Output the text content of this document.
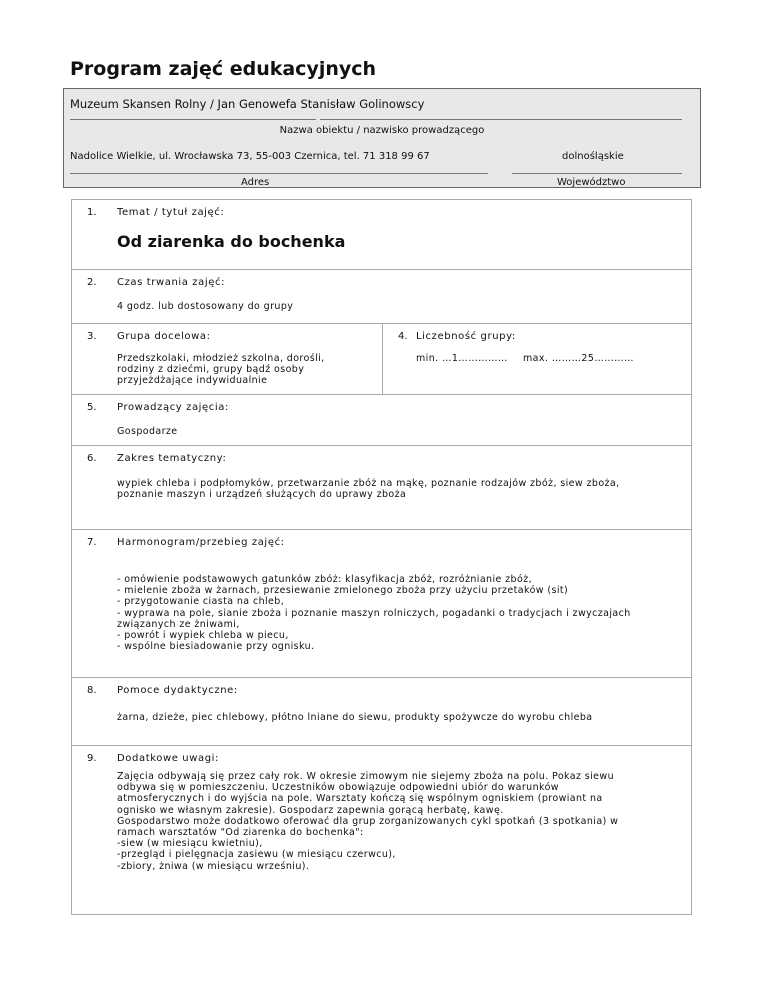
Program zajęć edukacyjnych
Muzeum Skansen Rolny / Jan Genowefa Stanisław Golinowscy
Nazwa obiektu / nazwisko prowadzącego
Nadolice Wielkie, ul. Wrocławska 73, 55-003 Czernica, tel. 71 318 99 67	dolnośląskie
Adres	Województwo
1. Temat / tytuł zajęć:
Od ziarenka do bochenka
2. Czas trwania zajęć:
4 godz. lub dostosowany do grupy
3. Grupa docelowa:
Przedszkolaki, młodzież szkolna, dorośli,
rodziny z dziećmi, grupy bądź osoby
przyjeżdżające indywidualnie
4. Liczebność grupy:
min. …1…………… max. ………25…………
5. Prowadzący zajęcia:
Gospodarze
6. Zakres tematyczny:
wypiek chleba i podpłomyków, przetwarzanie zbóż na mąkę, poznanie rodzajów zbóż, siew zboża,
poznanie maszyn i urządzeń służących do uprawy zboża
7. Harmonogram/przebieg zajęć:
- omówienie podstawowych gatunków zbóż: klasyfikacja zbóż, rozróżnianie zbóż,
- mielenie zboża w żarnach, przesiewanie zmielonego zboża przy użyciu przetaków (sit)
- przygotowanie ciasta na chleb,
- wyprawa na pole, sianie zboża i poznanie maszyn rolniczych, pogadanki o tradycjach i zwyczajach
związanych ze żniwami,
- powrót i wypiek chleba w piecu,
- wspólne biesiadowanie przy ognisku.
8. Pomoce dydaktyczne:
żarna, dzieże, piec chlebowy, płótno lniane do siewu, produkty spożywcze do wyrobu chleba
9. Dodatkowe uwagi:
Zajęcia odbywają się przez cały rok. W okresie zimowym nie siejemy zboża na polu. Pokaz siewu
odbywa się w pomieszczeniu. Uczestników obowiązuje odpowiedni ubiór do warunków
atmosferycznych i do wyjścia na pole. Warsztaty kończą się wspólnym ogniskiem (prowiant na
ognisko we własnym zakresie). Gospodarz zapewnia gorącą herbatę, kawę.
Gospodarstwo może dodatkowo oferować dla grup zorganizowanych cykl spotkań (3 spotkania) w
ramach warsztatów "Od ziarenka do bochenka":
-siew (w miesiącu kwietniu),
-przegląd i pielęgnacja zasiewu (w miesiącu czerwcu),
-zbiory, żniwa (w miesiącu wrześniu).
